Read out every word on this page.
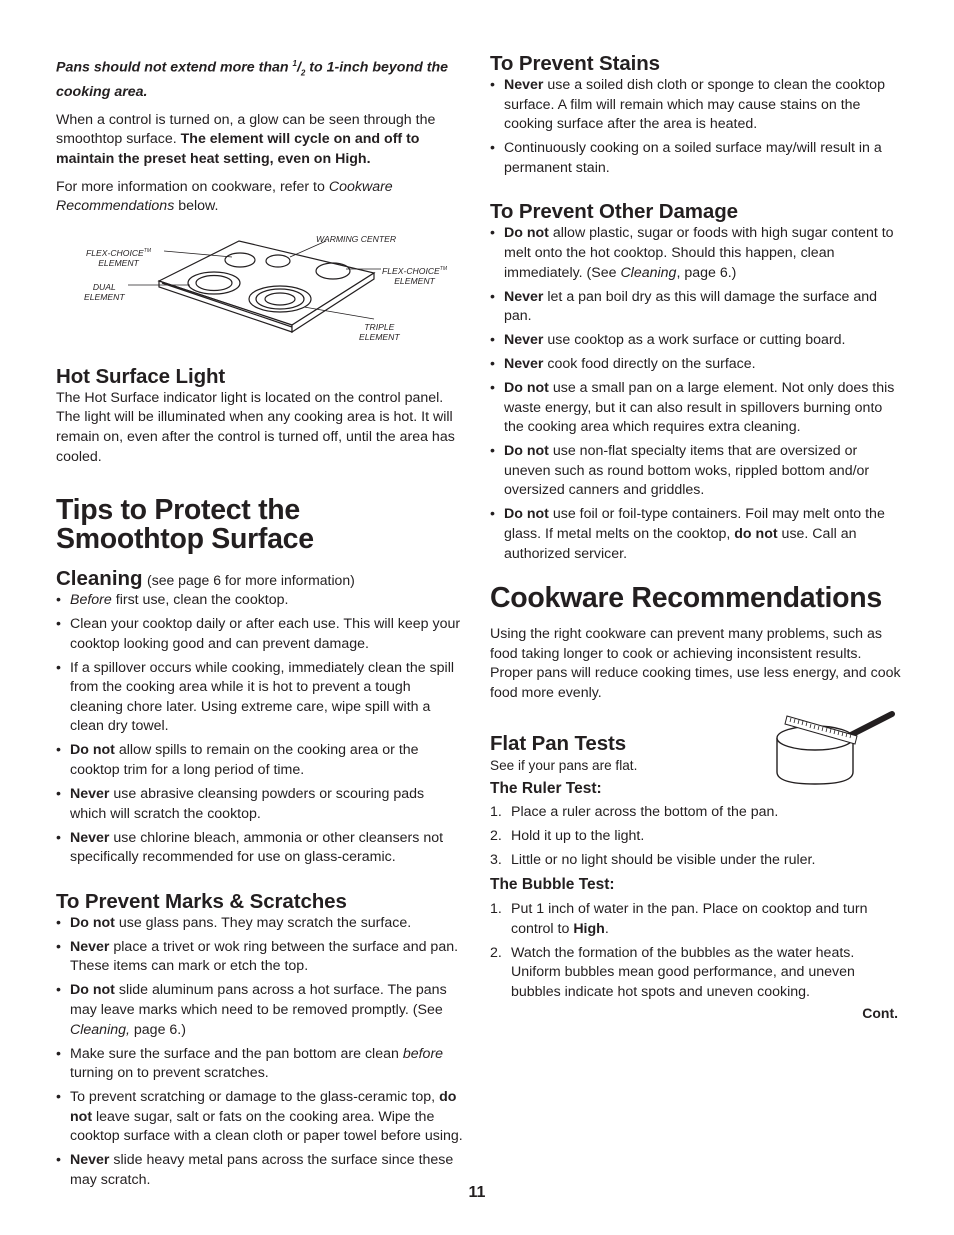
Pans should not extend more than $^1/_2$ to 1-inch beyond the cooking area.

When a control is turned on, a glow can be seen through the smoothtop surface. The element will cycle on and off to maintain the preset heat setting, even on High.

For more information on cookware, refer to Cookware Recommendations below.

FLEX-CHOICE™
ELEMENT
WARMING CENTER
FLEX-CHOICE™
ELEMENT
DUAL
ELEMENT
TRIPLE
ELEMENT
Hot Surface Light

The Hot Surface indicator light is located on the control panel. The light will be illuminated when any cooking area is hot. It will remain on, even after the control is turned off, until the area has cooled.

Tips to Protect the
Smoothtop Surface
Cleaning (see page 6 for more information)
• Before first use, clean the cooktop.
• Clean your cooktop daily or after each use. This will keep your cooktop looking good and can prevent damage.
• If a spillover occurs while cooking, immediately clean the spill from the cooking area while it is hot to prevent a tough cleaning chore later. Using extreme care, wipe spill with a clean dry towel.
• Do not allow spills to remain on the cooking area or the cooktop trim for a long period of time.
• Never use abrasive cleansing powders or scouring pads which will scratch the cooktop.
• Never use chlorine bleach, ammonia or other cleansers not specifically recommended for use on glass-ceramic.
To Prevent Marks & Scratches
• Do not use glass pans. They may scratch the surface.
• Never place a trivet or wok ring between the surface and pan. These items can mark or etch the top.
• Do not slide aluminum pans across a hot surface. The pans may leave marks which need to be removed promptly. (See Cleaning, page 6.)
• Make sure the surface and the pan bottom are clean before turning on to prevent scratches.
• To prevent scratching or damage to the glass-ceramic top, do not leave sugar, salt or fats on the cooking area. Wipe the cooktop surface with a clean cloth or paper towel before using.
• Never slide heavy metal pans across the surface since these may scratch.
To Prevent Stains
• Never use a soiled dish cloth or sponge to clean the cooktop surface. A film will remain which may cause stains on the cooking surface after the area is heated.
• Continuously cooking on a soiled surface may/will result in a permanent stain.
To Prevent Other Damage
• Do not allow plastic, sugar or foods with high sugar content to melt onto the hot cooktop. Should this happen, clean immediately. (See Cleaning, page 6.)
• Never let a pan boil dry as this will damage the surface and pan.
• Never use cooktop as a work surface or cutting board.
• Never cook food directly on the surface.
• Do not use a small pan on a large element. Not only does this waste energy, but it can also result in spillovers burning onto the cooking area which requires extra cleaning.
• Do not use non-flat specialty items that are oversized or uneven such as round bottom woks, rippled bottom and/or oversized canners and griddles.
• Do not use foil or foil-type containers. Foil may melt onto the glass. If metal melts on the cooktop, do not use. Call an authorized servicer.
Cookware Recommendations

Using the right cookware can prevent many problems, such as food taking longer to cook or achieving inconsistent results. Proper pans will reduce cooking times, use less energy, and cook food more evenly.

Flat Pan Tests

See if your pans are flat.

The Ruler Test:
1. Place a ruler across the bottom of the pan.
2. Hold it up to the light.
3. Little or no light should be visible under the ruler.
The Bubble Test:
1. Put 1 inch of water in the pan. Place on cooktop and turn control to High.
2. Watch the formation of the bubbles as the water heats. Uniform bubbles mean good performance, and uneven bubbles indicate hot spots and uneven cooking.
Cont.
11
